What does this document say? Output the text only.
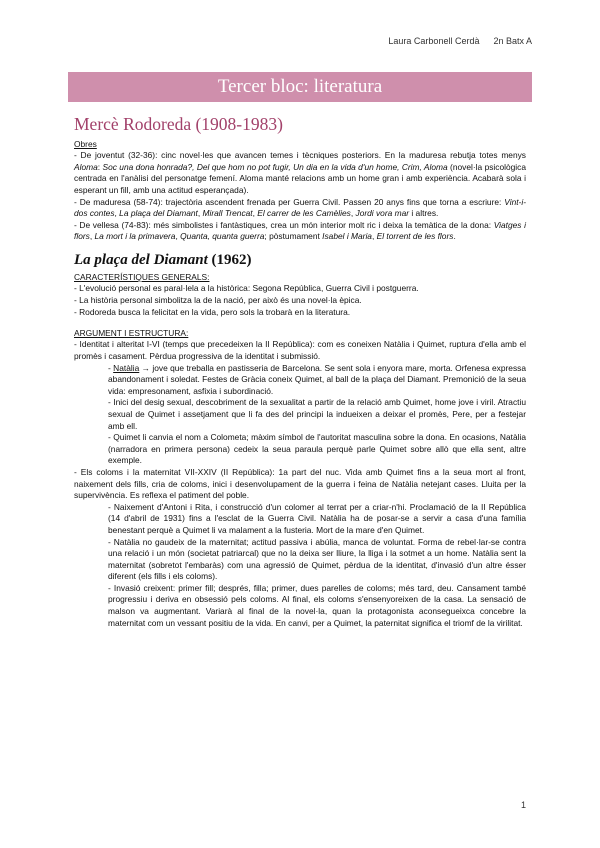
Laura Carbonell Cerdà 2n Batx A
Tercer bloc: literatura
Mercè Rodoreda (1908-1983)
Obres

- De joventut (32-36): cinc novel·les que avancen temes i tècniques posteriors. En la maduresa rebutja totes menys Aloma: Soc una dona honrada?, Del que hom no pot fugir, Un dia en la vida d'un home, Crim, Aloma (novel·la psicològica centrada en l'anàlisi del personatge femení. Aloma manté relacions amb un home gran i amb experiència. Acabarà sola i esperant un fill, amb una actitud esperançada).

- De maduresa (58-74): trajectòria ascendent frenada per Guerra Civil. Passen 20 anys fins que torna a escriure: Vint-i-dos contes, La plaça del Diamant, Mirall Trencat, El carrer de les Camèlies, Jordi vora mar i altres.

- De vellesa (74-83): més simbolistes i fantàstiques, crea un món interior molt ric i deixa la temàtica de la dona: Viatges i flors, La mort i la primavera, Quanta, quanta guerra; pòstumament Isabel i Maria, El torrent de les flors.

La plaça del Diamant (1962)
CARACTERÍSTIQUES GENERALS:

- L'evolució personal es paral·lela a la històrica: Segona República, Guerra Civil i postguerra.

- La història personal simbolitza la de la nació, per això és una novel·la èpica.

- Rodoreda busca la felicitat en la vida, pero sols la trobarà en la literatura.

ARGUMENT I ESTRUCTURA:

- Identitat i alteritat I-VI (temps que precedeixen la II República): com es coneixen Natàlia i Quimet, ruptura d'ella amb el promès i casament. Pèrdua progressiva de la identitat i submissió.

- Natàlia → jove que treballa en pastisseria de Barcelona. Se sent sola i enyora mare, morta. Orfenesa expressa abandonament i soledat. Festes de Gràcia coneix Quimet, al ball de la plaça del Diamant. Premonició de la seua vida: empresonament, asfixia i subordinació.

- Inici del desig sexual, descobriment de la sexualitat a partir de la relació amb Quimet, home jove i viril. Atractiu sexual de Quimet i assetjament que li fa des del principi la indueixen a deixar el promès, Pere, per a festejar amb ell.

- Quimet li canvia el nom a Colometa; màxim símbol de l'autoritat masculina sobre la dona. En ocasions, Natàlia (narradora en primera persona) cedeix la seua paraula perquè parle Quimet sobre allò que ella sent, altre exemple.

- Els coloms i la maternitat VII-XXIV (II República): 1a part del nuc. Vida amb Quimet fins a la seua mort al front, naixement dels fills, cria de coloms, inici i desenvolupament de la guerra i feina de Natàlia netejant cases. Lluita per la supervivència. Es reflexa el patiment del poble.

- Naixement d'Antoni i Rita, i construcció d'un colomer al terrat per a criar-n'hi. Proclamació de la II República (14 d'abril de 1931) fins a l'esclat de la Guerra Civil. Natàlia ha de posar-se a servir a casa d'una família benestant perquè a Quimet li va malament a la fusteria. Mort de la mare d'en Quimet.

- Natàlia no gaudeix de la maternitat; actitud passiva i abúlia, manca de voluntat. Forma de rebel·lar-se contra una relació i un món (societat patriarcal) que no la deixa ser lliure, la lliga i la sotmet a un home. Natàlia sent la maternitat (sobretot l'embaràs) com una agressió de Quimet, pèrdua de la identitat, d'invasió d'un altre ésser diferent (els fills i els coloms).

- Invasió creixent: primer fill; després, filla; primer, dues parelles de coloms; més tard, deu. Cansament també progressiu i deriva en obsessió pels coloms. Al final, els coloms s'ensenyoreixen de la casa. La sensació de malson va augmentant. Variarà al final de la novel·la, quan la protagonista aconsegueixca concebre la maternitat com un vessant positiu de la vida. En canvi, per a Quimet, la paternitat significa el triomf de la virilitat.

1
